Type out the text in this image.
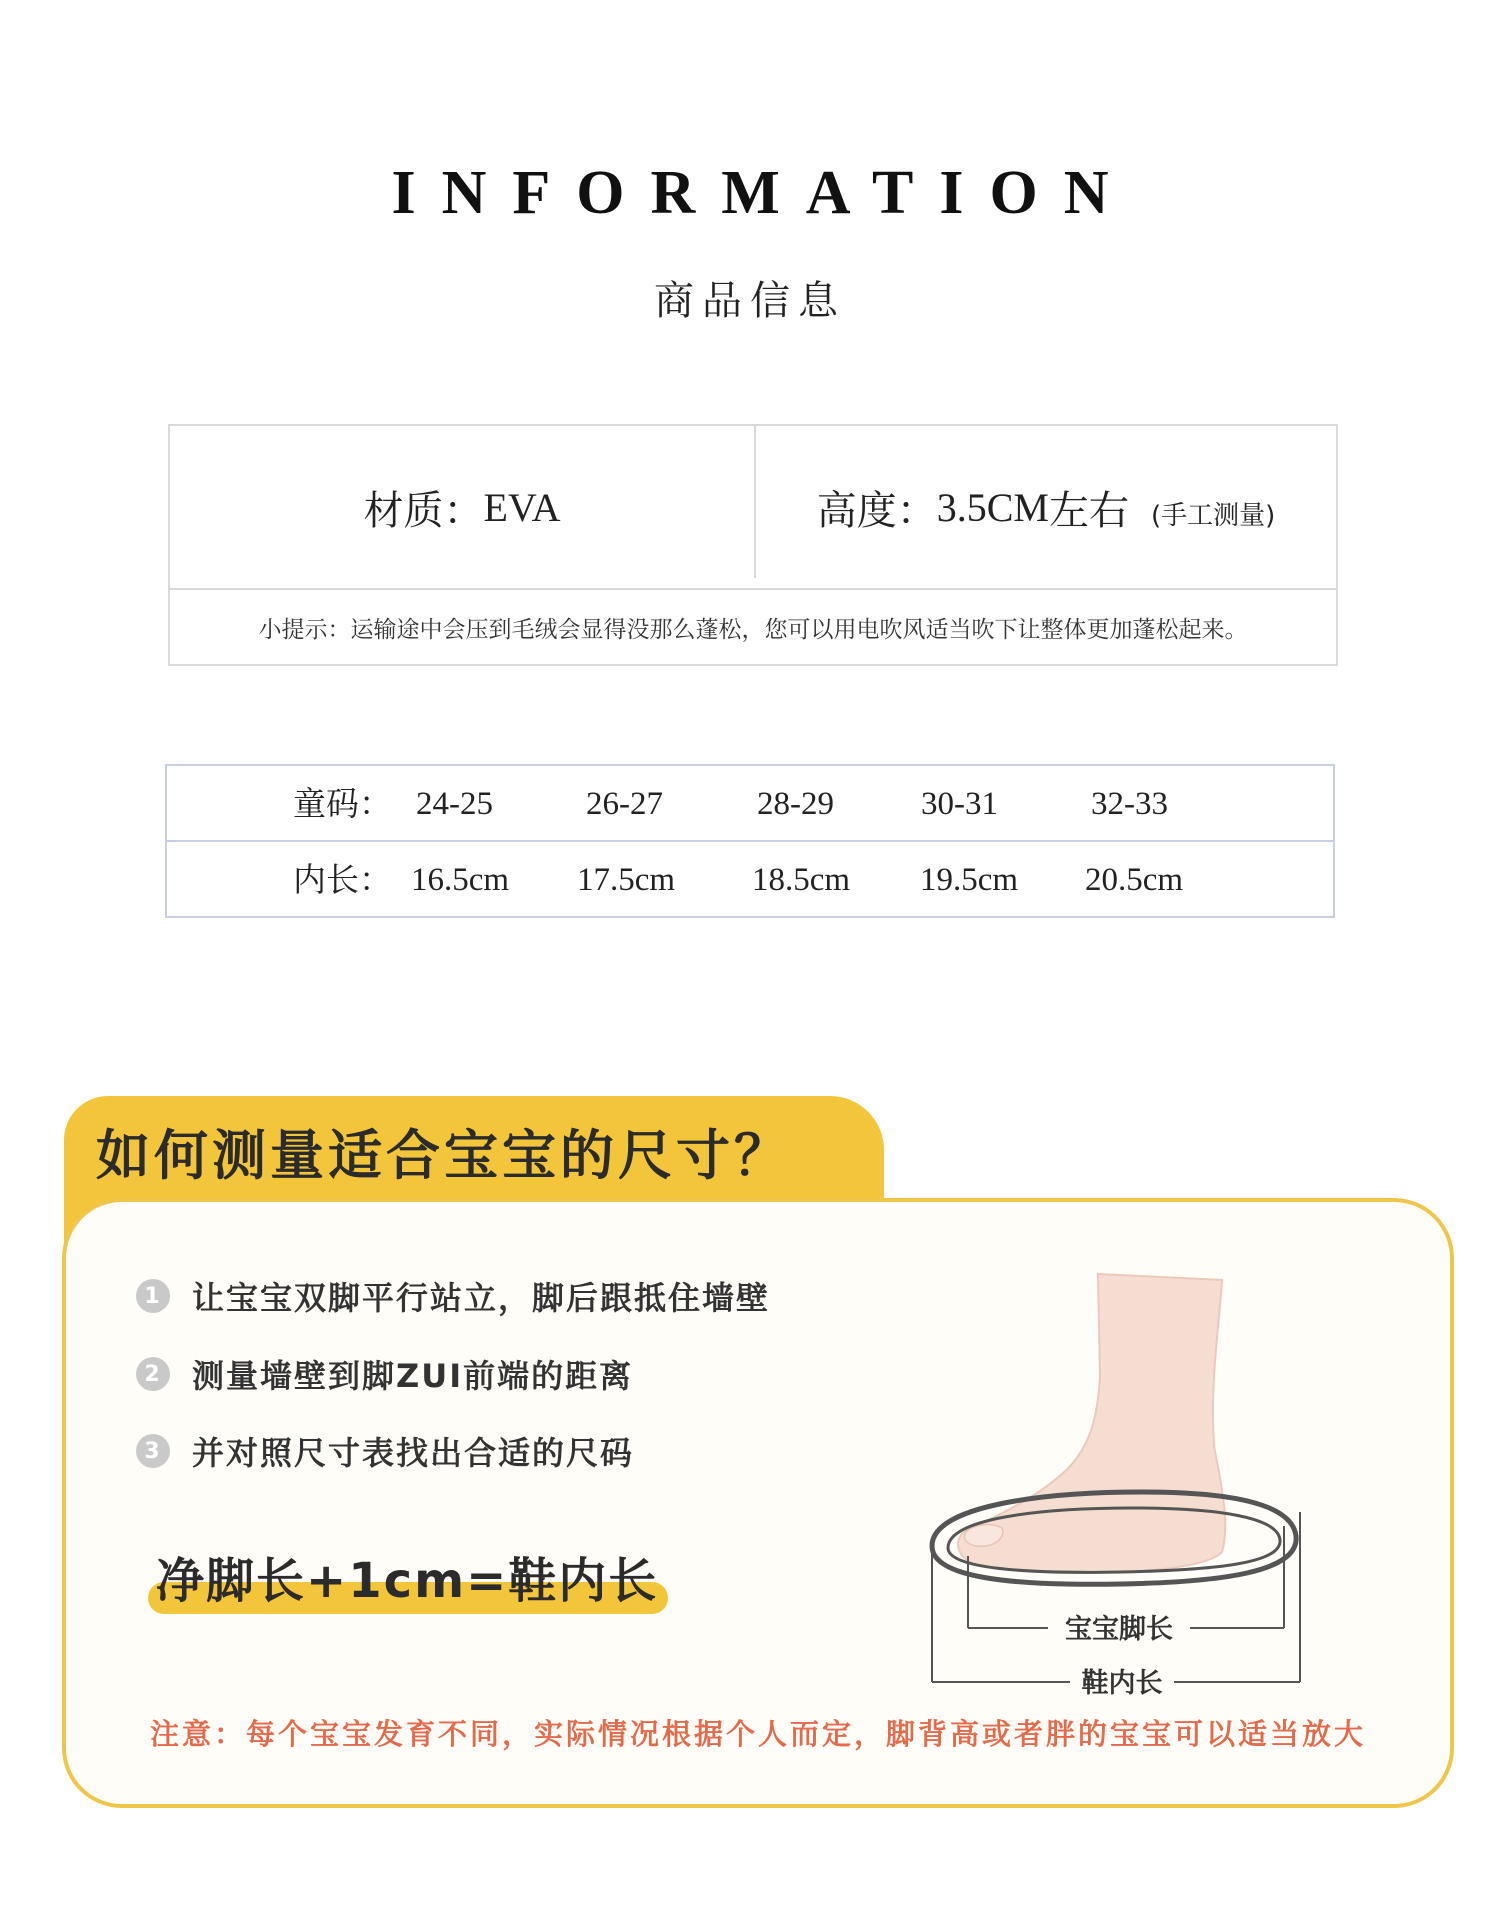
INFORMATION
商品信息
材质： EVA	高度： 3.5CM 左右 (手工测量)
小提示：运输途中会压到毛绒会显得没那么蓬松，您可以用电吹风适当吹下让整体更加蓬松起来。
童码： 24-25	26-27	28-29	30-31	32-33
内长： 16.5cm 17.5cm 18.5cm 19.5cm 20.5cm
如何测量适合宝宝的尺寸？
1 让宝宝双脚平行站立，脚后跟抵住墙壁
2 测量墙壁到脚ZUI前端的距离
3 并对照尺寸表找出合适的尺码
净脚长+1cm=鞋内长
宝宝脚长
鞋内长
注意：每个宝宝发育不同，实际情况根据个人而定，脚背高或者胖的宝宝可以适当放大
